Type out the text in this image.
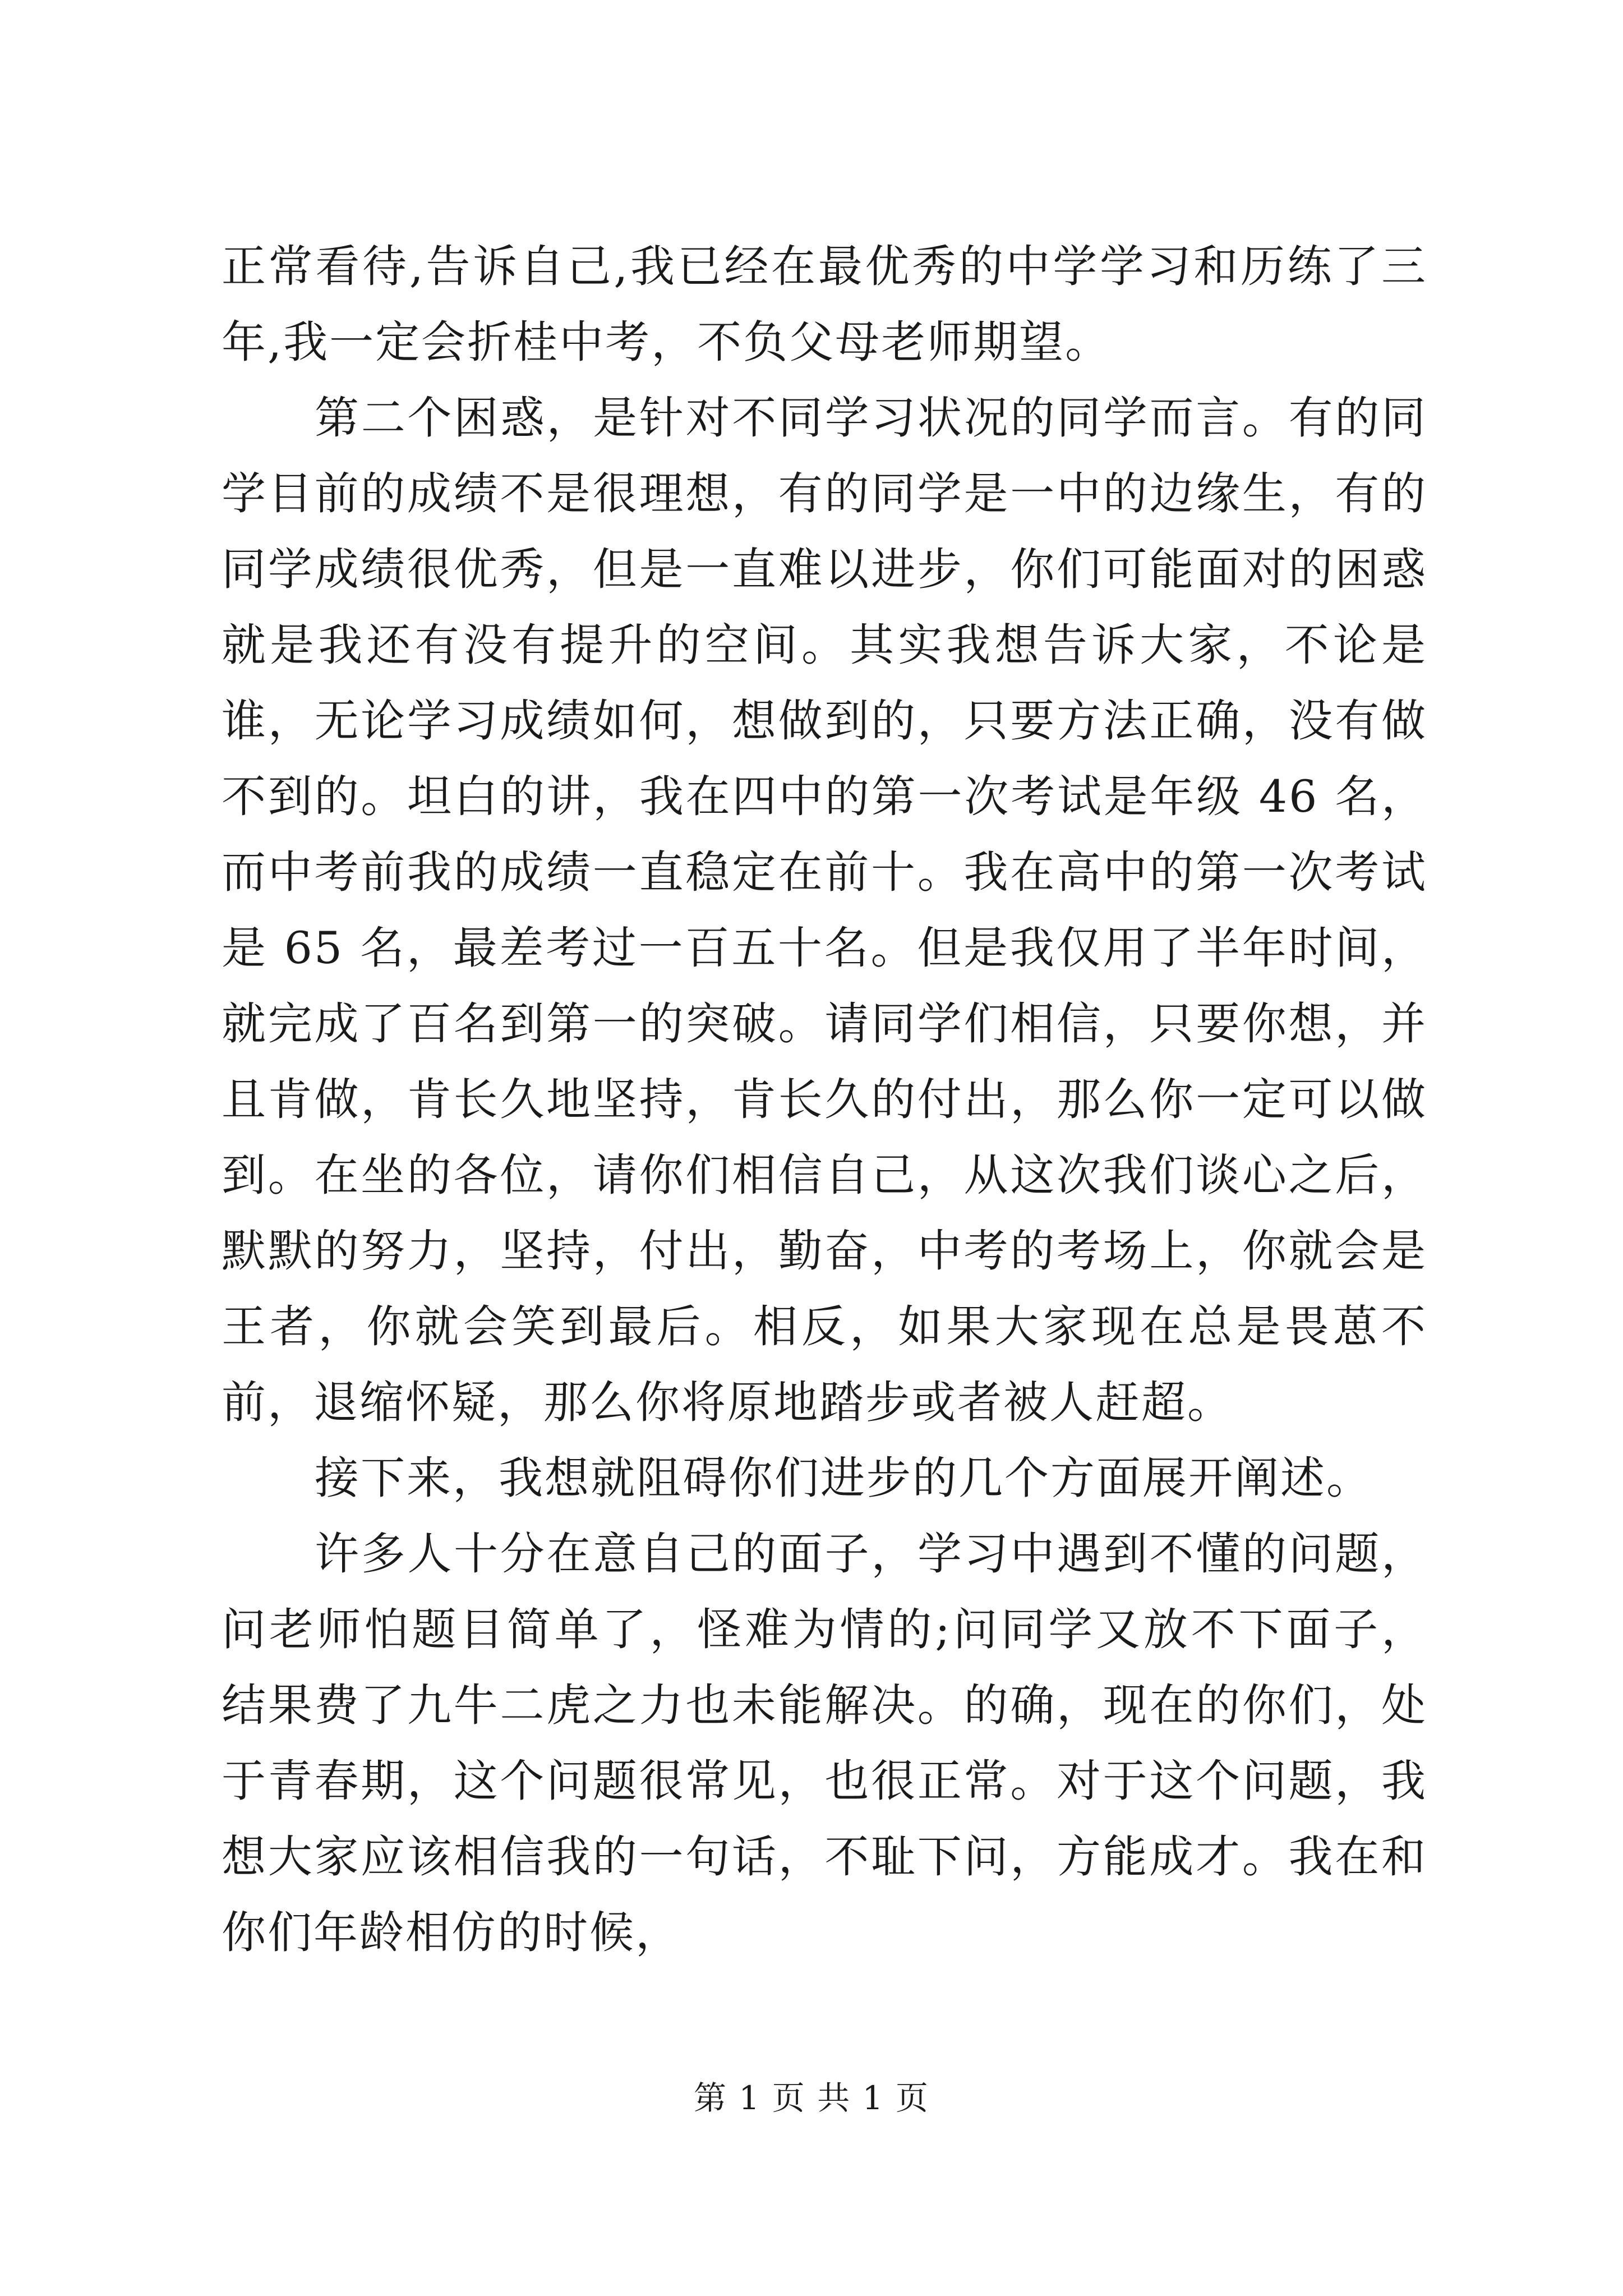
正常看待,告诉自己,我已经在最优秀的中学学习和历练了三年,我一定会折桂中考，不负父母老师期望。

第二个困惑，是针对不同学习状况的同学而言。有的同学目前的成绩不是很理想，有的同学是一中的边缘生，有的同学成绩很优秀，但是一直难以进步，你们可能面对的困惑就是我还有没有提升的空间。其实我想告诉大家，不论是谁，无论学习成绩如何，想做到的，只要方法正确，没有做不到的。坦白的讲，我在四中的第一次考试是年级 46 名，而中考前我的成绩一直稳定在前十。我在高中的第一次考试是 65 名，最差考过一百五十名。但是我仅用了半年时间，就完成了百名到第一的突破。请同学们相信，只要你想，并且肯做，肯长久地坚持，肯长久的付出，那么你一定可以做到。在坐的各位，请你们相信自己，从这次我们谈心之后，默默的努力，坚持，付出，勤奋，中考的考场上，你就会是王者，你就会笑到最后。相反，如果大家现在总是畏葸不前，退缩怀疑，那么你将原地踏步或者被人赶超。

接下来，我想就阻碍你们进步的几个方面展开阐述。

许多人十分在意自己的面子，学习中遇到不懂的问题，问老师怕题目简单了，怪难为情的;问同学又放不下面子，结果费了九牛二虎之力也未能解决。的确，现在的你们，处于青春期，这个问题很常见，也很正常。对于这个问题，我想大家应该相信我的一句话，不耻下问，方能成才。我在和你们年龄相仿的时候，

第 1 页 共 1 页
